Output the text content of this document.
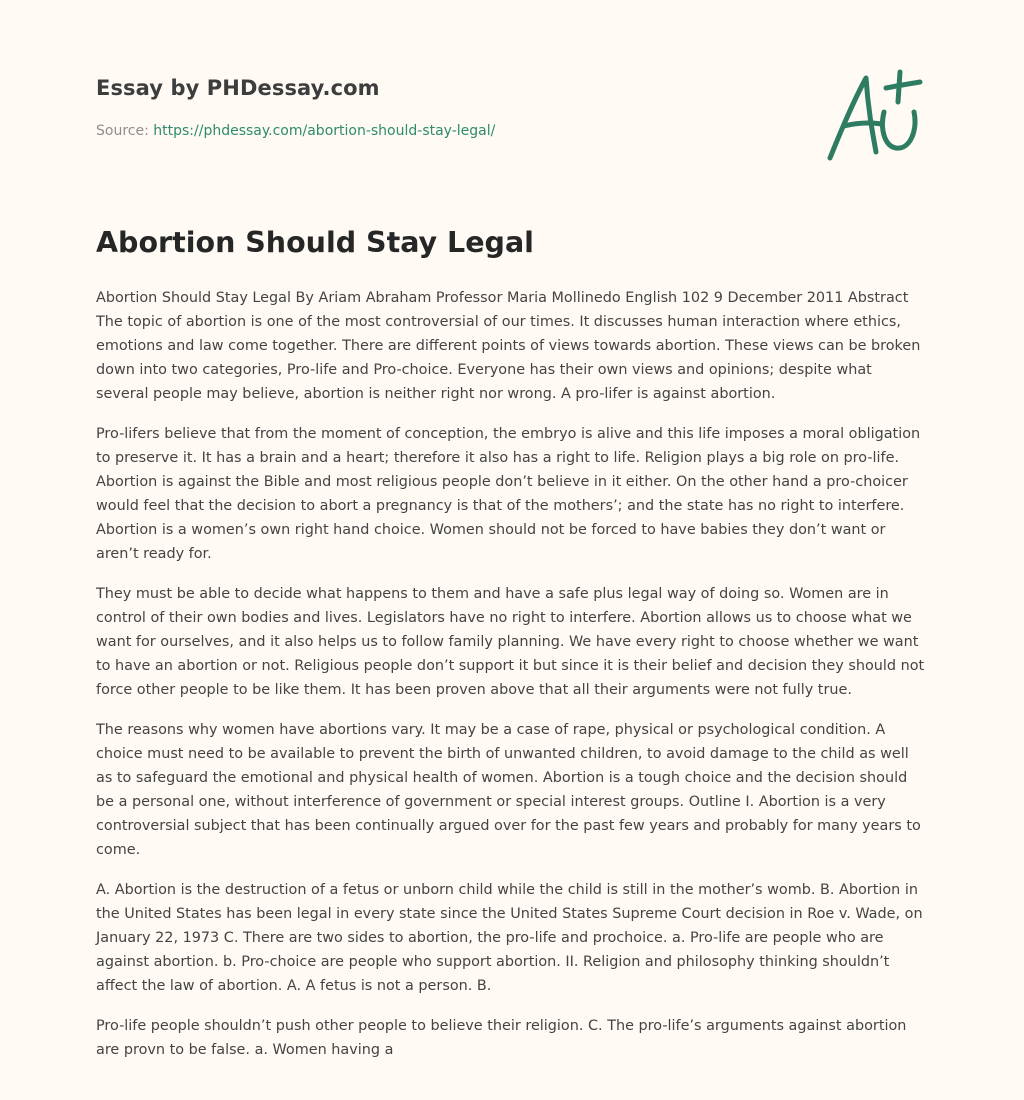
Essay by PHDessay.com
Source: https://phdessay.com/abortion-should-stay-legal/
Abortion Should Stay Legal

Abortion Should Stay Legal By Ariam Abraham Professor Maria Mollinedo English 102 9 December 2011 Abstract The topic of abortion is one of the most controversial of our times. It discusses human interaction where ethics, emotions and law come together. There are different points of views towards abortion. These views can be broken down into two categories, Pro-life and Pro-choice. Everyone has their own views and opinions; despite what several people may believe, abortion is neither right nor wrong. A pro-lifer is against abortion.

Pro-lifers believe that from the moment of conception, the embryo is alive and this life imposes a moral obligation to preserve it. It has a brain and a heart; therefore it also has a right to life. Religion plays a big role on pro-life. Abortion is against the Bible and most religious people don’t believe in it either. On the other hand a pro-choicer would feel that the decision to abort a pregnancy is that of the mothers’; and the state has no right to interfere. Abortion is a women’s own right hand choice. Women should not be forced to have babies they don’t want or aren’t ready for.

They must be able to decide what happens to them and have a safe plus legal way of doing so. Women are in control of their own bodies and lives. Legislators have no right to interfere. Abortion allows us to choose what we want for ourselves, and it also helps us to follow family planning. We have every right to choose whether we want to have an abortion or not. Religious people don’t support it but since it is their belief and decision they should not force other people to be like them. It has been proven above that all their arguments were not fully true.

The reasons why women have abortions vary. It may be a case of rape, physical or psychological condition. A choice must need to be available to prevent the birth of unwanted children, to avoid damage to the child as well as to safeguard the emotional and physical health of women. Abortion is a tough choice and the decision should be a personal one, without interference of government or special interest groups. Outline I. Abortion is a very controversial subject that has been continually argued over for the past few years and probably for many years to come.

A. Abortion is the destruction of a fetus or unborn child while the child is still in the mother’s womb. B. Abortion in the United States has been legal in every state since the United States Supreme Court decision in Roe v. Wade, on January 22, 1973 C. There are two sides to abortion, the pro-life and prochoice. a. Pro-life are people who are against abortion. b. Pro-choice are people who support abortion. II. Religion and philosophy thinking shouldn’t affect the law of abortion. A. A fetus is not a person. B.

Pro-life people shouldn’t push other people to believe their religion. C. The pro-life’s arguments against abortion are provn to be false. a. Women having a
